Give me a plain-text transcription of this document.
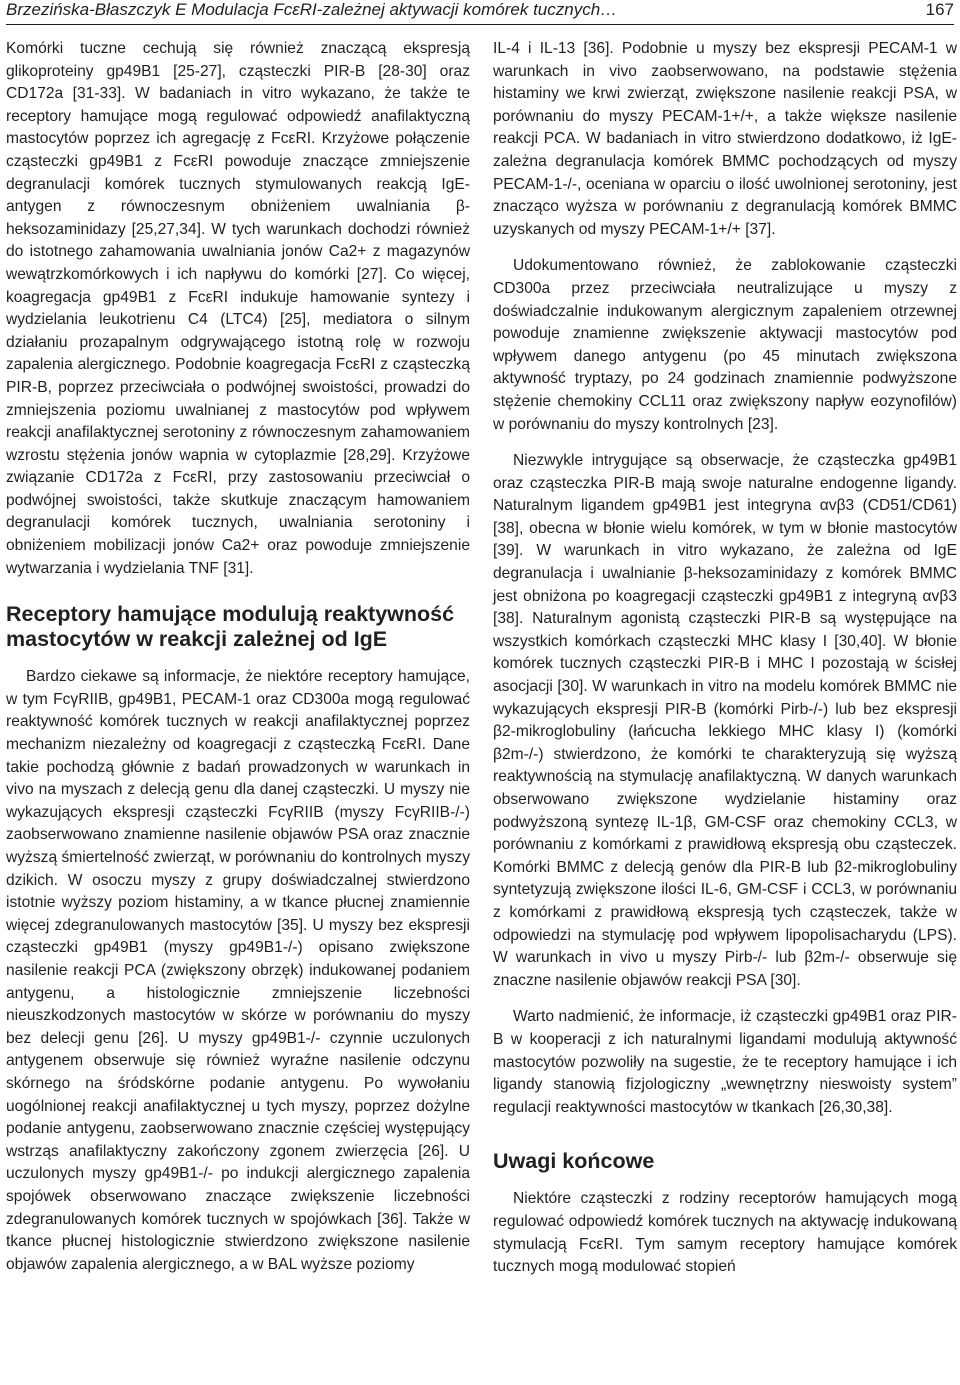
Brzezińska-Błaszczyk E Modulacja FcεRI-zależnej aktywacji komórek tucznych…	167

Komórki tuczne cechują się również znaczącą ekspresją glikoproteiny gp49B1 [25-27], cząsteczki PIR-B [28-30] oraz CD172a [31-33]. W badaniach in vitro wykazano, że także te receptory hamujące mogą regulować odpowiedź anafilaktyczną mastocytów poprzez ich agregację z FcεRI. Krzyżowe połączenie cząsteczki gp49B1 z FcεRI powoduje znaczące zmniejszenie degranulacji komórek tucznych stymulowanych reakcją IgE-antygen z równoczesnym obniżeniem uwalniania β-heksozaminidazy [25,27,34]. W tych warunkach dochodzi również do istotnego zahamowania uwalniania jonów Ca2+ z magazynów wewątrzkomórkowych i ich napływu do komórki [27]. Co więcej, koagregacja gp49B1 z FcεRI indukuje hamowanie syntezy i wydzielania leukotrienu C4 (LTC4) [25], mediatora o silnym działaniu prozapalnym odgrywającego istotną rolę w rozwoju zapalenia alergicznego. Podobnie koagregacja FcεRI z cząsteczką PIR-B, poprzez przeciwciała o podwójnej swoistości, prowadzi do zmniejszenia poziomu uwalnianej z mastocytów pod wpływem reakcji anafilaktycznej serotoniny z równoczesnym zahamowaniem wzrostu stężenia jonów wapnia w cytoplazmie [28,29]. Krzyżowe związanie CD172a z FcεRI, przy zastosowaniu przeciwciał o podwójnej swoistości, także skutkuje znaczącym hamowaniem degranulacji komórek tucznych, uwalniania serotoniny i obniżeniem mobilizacji jonów Ca2+ oraz powoduje zmniejszenie wytwarzania i wydzielania TNF [31].

Receptory hamujące modulują reaktywność mastocytów w reakcji zależnej od IgE

Bardzo ciekawe są informacje, że niektóre receptory hamujące, w tym FcγRIIB, gp49B1, PECAM-1 oraz CD300a mogą regulować reaktywność komórek tucznych w reakcji anafilaktycznej poprzez mechanizm niezależny od koagregacji z cząsteczką FcεRI. Dane takie pochodzą głównie z badań prowadzonych w warunkach in vivo na myszach z delecją genu dla danej cząsteczki. U myszy nie wykazujących ekspresji cząsteczki FcγRIIB (myszy FcγRIIB-/-) zaobserwowano znamienne nasilenie objawów PSA oraz znacznie wyższą śmiertelność zwierząt, w porównaniu do kontrolnych myszy dzikich. W osoczu myszy z grupy doświadczalnej stwierdzono istotnie wyższy poziom histaminy, a w tkance płucnej znamiennie więcej zdegranulowanych mastocytów [35]. U myszy bez ekspresji cząsteczki gp49B1 (myszy gp49B1-/-) opisano zwiększone nasilenie reakcji PCA (zwiększony obrzęk) indukowanej podaniem antygenu, a histologicznie zmniejszenie liczebności nieuszkodzonych mastocytów w skórze w porównaniu do myszy bez delecji genu [26]. U myszy gp49B1-/- czynnie uczulonych antygenem obserwuje się również wyraźne nasilenie odczynu skórnego na śródskórne podanie antygenu. Po wywołaniu uogólnionej reakcji anafilaktycznej u tych myszy, poprzez dożylne podanie antygenu, zaobserwowano znacznie częściej występujący wstrząs anafilaktyczny zakończony zgonem zwierzęcia [26]. U uczulonych myszy gp49B1-/- po indukcji alergicznego zapalenia spojówek obserwowano znaczące zwiększenie liczebności zdegranulowanych komórek tucznych w spojówkach [36]. Także w tkance płucnej histologicznie stwierdzono zwiększone nasilenie objawów zapalenia alergicznego, a w BAL wyższe poziomy

IL-4 i IL-13 [36]. Podobnie u myszy bez ekspresji PECAM-1 w warunkach in vivo zaobserwowano, na podstawie stężenia histaminy we krwi zwierząt, zwiększone nasilenie reakcji PSA, w porównaniu do myszy PECAM-1+/+, a także większe nasilenie reakcji PCA. W badaniach in vitro stwierdzono dodatkowo, iż IgE-zależna degranulacja komórek BMMC pochodzących od myszy PECAM-1-/-, oceniana w oparciu o ilość uwolnionej serotoniny, jest znacząco wyższa w porównaniu z degranulacją komórek BMMC uzyskanych od myszy PECAM-1+/+ [37].

Udokumentowano również, że zablokowanie cząsteczki CD300a przez przeciwciała neutralizujące u myszy z doświadczalnie indukowanym alergicznym zapaleniem otrzewnej powoduje znamienne zwiększenie aktywacji mastocytów pod wpływem danego antygenu (po 45 minutach zwiększona aktywność tryptazy, po 24 godzinach znamiennie podwyższone stężenie chemokiny CCL11 oraz zwiększony napływ eozynofilów) w porównaniu do myszy kontrolnych [23].

Niezwykle intrygujące są obserwacje, że cząsteczka gp49B1 oraz cząsteczka PIR-B mają swoje naturalne endogenne ligandy. Naturalnym ligandem gp49B1 jest integryna αvβ3 (CD51/CD61) [38], obecna w błonie wielu komórek, w tym w błonie mastocytów [39]. W warunkach in vitro wykazano, że zależna od IgE degranulacja i uwalnianie β-heksozaminidazy z komórek BMMC jest obniżona po koagregacji cząsteczki gp49B1 z integryną αvβ3 [38]. Naturalnym agonistą cząsteczki PIR-B są występujące na wszystkich komórkach cząsteczki MHC klasy I [30,40]. W błonie komórek tucznych cząsteczki PIR-B i MHC I pozostają w ścisłej asocjacji [30]. W warunkach in vitro na modelu komórek BMMC nie wykazujących ekspresji PIR-B (komórki Pirb-/-) lub bez ekspresji β2-mikroglobuliny (łańcucha lekkiego MHC klasy I) (komórki β2m-/-) stwierdzono, że komórki te charakteryzują się wyższą reaktywnością na stymulację anafilaktyczną. W danych warunkach obserwowano zwiększone wydzielanie histaminy oraz podwyższoną syntezę IL-1β, GM-CSF oraz chemokiny CCL3, w porównaniu z komórkami z prawidłową ekspresją obu cząsteczek. Komórki BMMC z delecją genów dla PIR-B lub β2-mikroglobuliny syntetyzują zwiększone ilości IL-6, GM-CSF i CCL3, w porównaniu z komórkami z prawidłową ekspresją tych cząsteczek, także w odpowiedzi na stymulację pod wpływem lipopolisacharydu (LPS). W warunkach in vivo u myszy Pirb-/- lub β2m-/- obserwuje się znaczne nasilenie objawów reakcji PSA [30].

Warto nadmienić, że informacje, iż cząsteczki gp49B1 oraz PIR-B w kooperacji z ich naturalnymi ligandami modulują aktywność mastocytów pozwoliły na sugestie, że te receptory hamujące i ich ligandy stanowią fizjologiczny „wewnętrzny nieswoisty system” regulacji reaktywności mastocytów w tkankach [26,30,38].

Uwagi końcowe

Niektóre cząsteczki z rodziny receptorów hamujących mogą regulować odpowiedź komórek tucznych na aktywację indukowaną stymulacją FcεRI. Tym samym receptory hamujące komórek tucznych mogą modulować stopień
